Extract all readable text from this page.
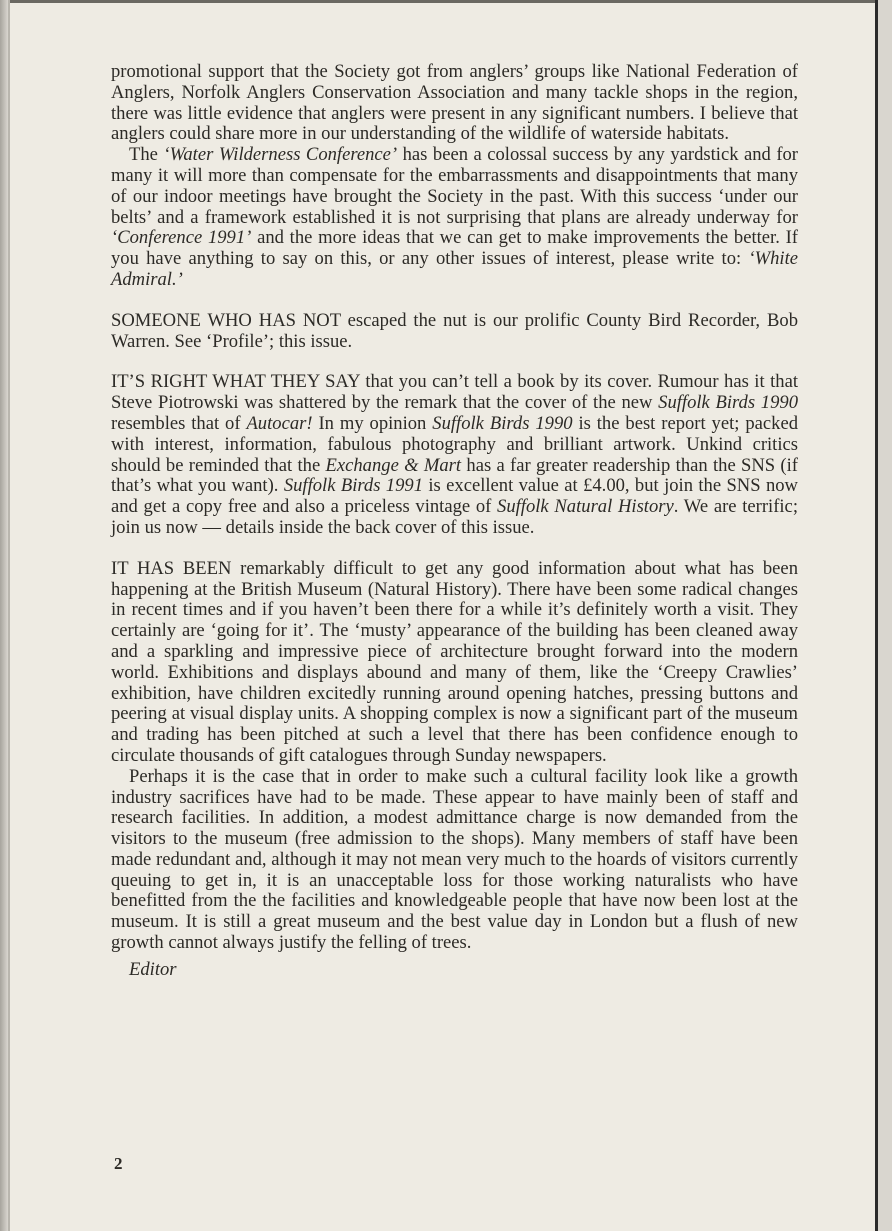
promotional support that the Society got from anglers’ groups like National Federation of Anglers, Norfolk Anglers Conservation Association and many tackle shops in the region, there was little evidence that anglers were present in any significant numbers. I believe that anglers could share more in our understanding of the wildlife of waterside habitats.

The ‘Water Wilderness Conference’ has been a colossal success by any yardstick and for many it will more than compensate for the embarrassments and disappointments that many of our indoor meetings have brought the Society in the past. With this success ‘under our belts’ and a framework established it is not surprising that plans are already underway for ‘Conference 1991’ and the more ideas that we can get to make improvements the better. If you have anything to say on this, or any other issues of interest, please write to: ‘White Admiral.’

SOMEONE WHO HAS NOT escaped the nut is our prolific County Bird Recorder, Bob Warren. See ‘Profile’; this issue.

IT’S RIGHT WHAT THEY SAY that you can’t tell a book by its cover. Rumour has it that Steve Piotrowski was shattered by the remark that the cover of the new Suffolk Birds 1990 resembles that of Autocar! In my opinion Suffolk Birds 1990 is the best report yet; packed with interest, information, fabulous photography and brilliant artwork. Unkind critics should be reminded that the Exchange & Mart has a far greater readership than the SNS (if that’s what you want). Suffolk Birds 1991 is excellent value at £4.00, but join the SNS now and get a copy free and also a priceless vintage of Suffolk Natural History. We are terrific; join us now — details inside the back cover of this issue.

IT HAS BEEN remarkably difficult to get any good information about what has been happening at the British Museum (Natural History). There have been some radical changes in recent times and if you haven’t been there for a while it’s definitely worth a visit. They certainly are ‘going for it’. The ‘musty’ appearance of the building has been cleaned away and a sparkling and impressive piece of architecture brought forward into the modern world. Exhibitions and displays abound and many of them, like the ‘Creepy Crawlies’ exhibition, have children excitedly running around opening hatches, pressing buttons and peering at visual display units. A shopping complex is now a significant part of the museum and trading has been pitched at such a level that there has been confidence enough to circulate thousands of gift catalogues through Sunday newspapers.

Perhaps it is the case that in order to make such a cultural facility look like a growth industry sacrifices have had to be made. These appear to have mainly been of staff and research facilities. In addition, a modest admittance charge is now demanded from the visitors to the museum (free admission to the shops). Many members of staff have been made redundant and, although it may not mean very much to the hoards of visitors currently queuing to get in, it is an unacceptable loss for those working naturalists who have benefitted from the the facilities and knowledgeable people that have now been lost at the museum. It is still a great museum and the best value day in London but a flush of new growth cannot always justify the felling of trees.

Editor

2
